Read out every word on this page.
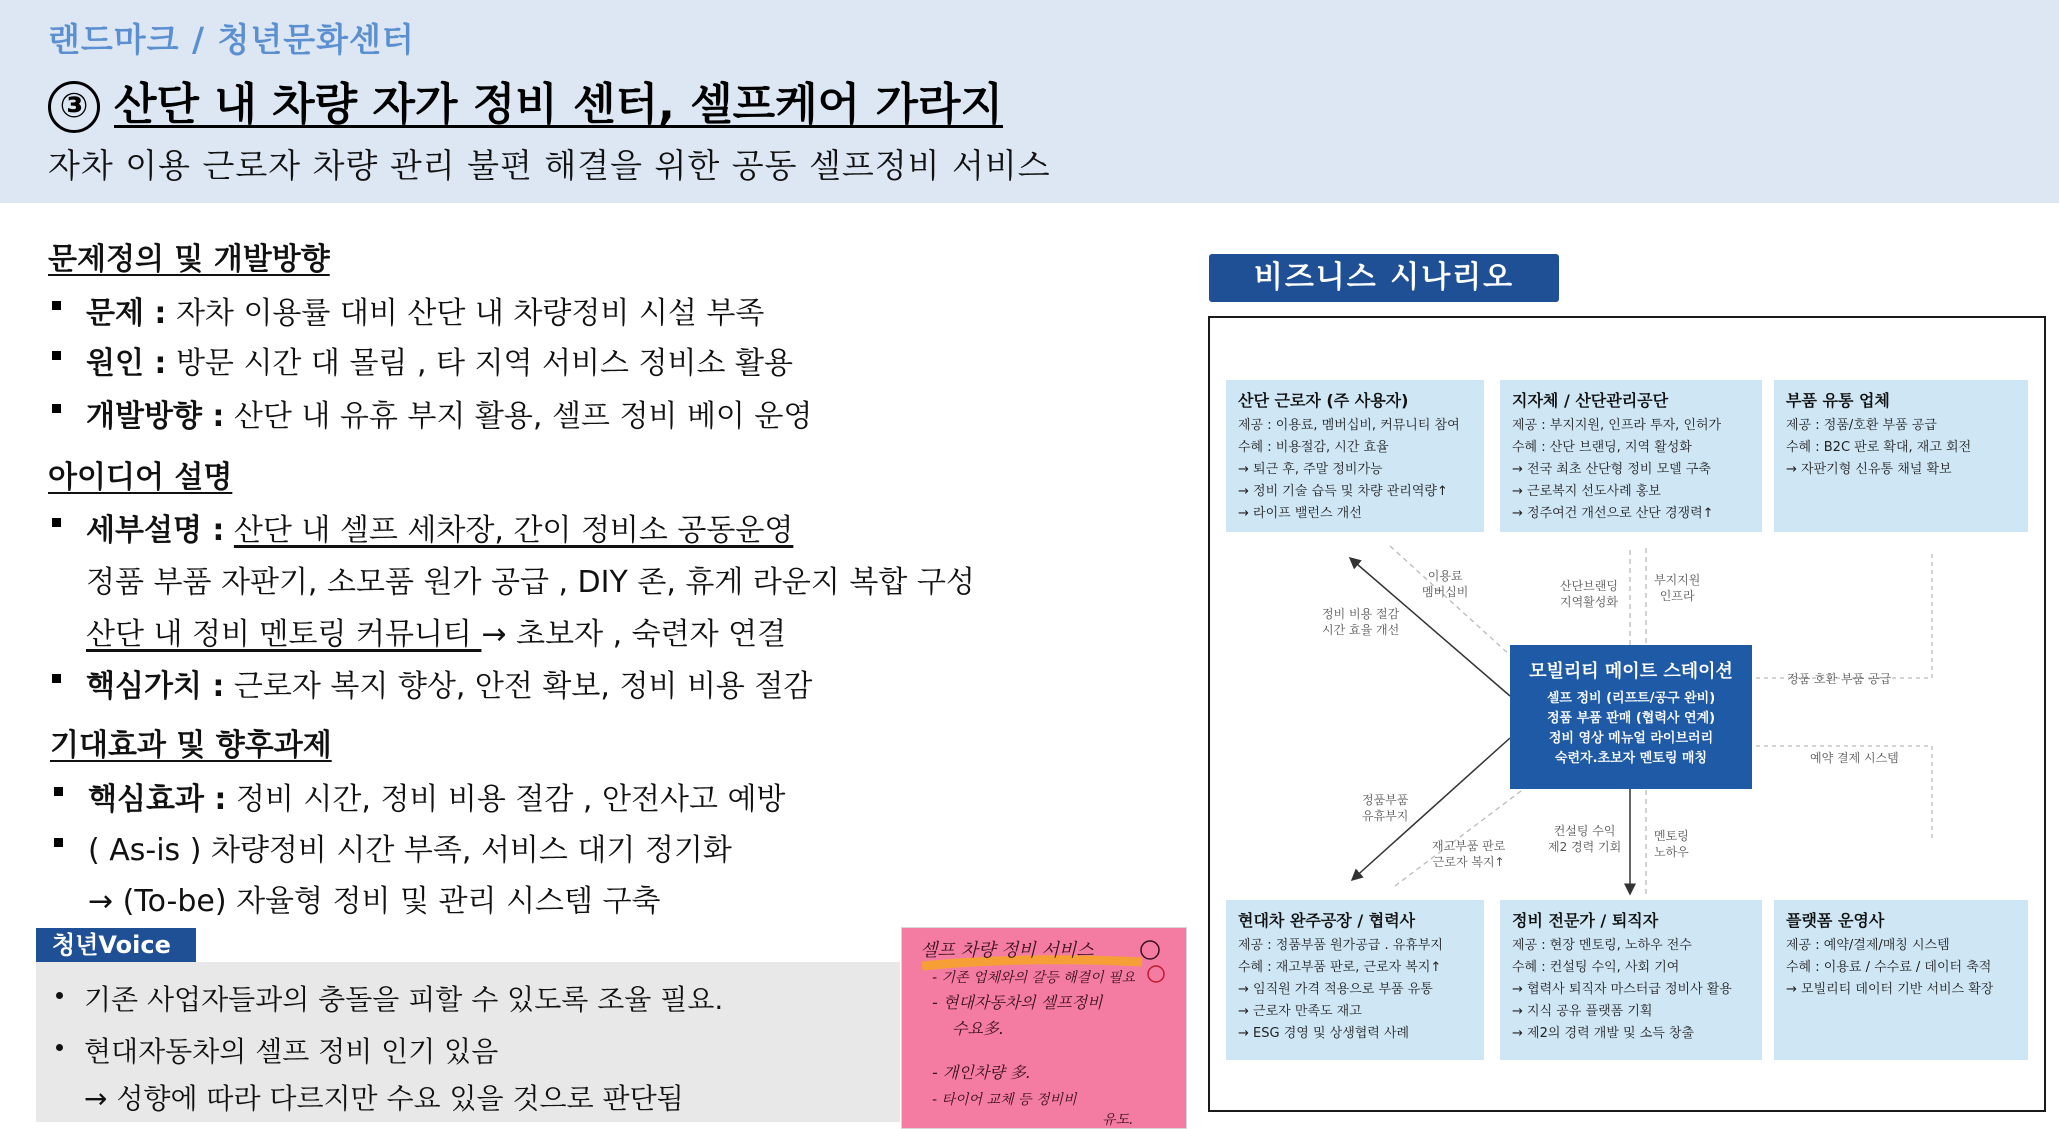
랜드마크 / 청년문화센터
③ 산단 내 차량 자가 정비 센터, 셀프케어 가라지
자차 이용 근로자 차량 관리 불편 해결을 위한 공동 셀프정비 서비스
문제정의 및 개발방향
문제 : 자차 이용률 대비 산단 내 차량정비 시설 부족
원인 : 방문 시간 대 몰림 , 타 지역 서비스 정비소 활용
개발방향 : 산단 내 유휴 부지 활용, 셀프 정비 베이 운영
아이디어 설명
세부설명 : 산단 내 셀프 세차장, 간이 정비소 공동운영
정품 부품 자판기, 소모품 원가 공급 , DIY 존, 휴게 라운지 복합 구성
산단 내 정비 멘토링 커뮤니티 → 초보자 , 숙련자 연결
핵심가치 : 근로자 복지 향상, 안전 확보, 정비 비용 절감
기대효과 및 향후과제
핵심효과 : 정비 시간, 정비 비용 절감 , 안전사고 예방
( As-is ) 차량정비 시간 부족, 서비스 대기 정기화
→ (To-be) 자율형 정비 및 관리 시스템 구축
청년Voice
기존 사업자들과의 충돌을 피할 수 있도록 조율 필요.
현대자동차의 셀프 정비 인기 있음
→ 성향에 따라 다르지만 수요 있을 것으로 판단됨
셀프 차량 정비 서비스
- 기존 업체와의 갈등 해결이 필요
- 현대자동차의 셀프정비
수요多.
- 개인차량 多.
- 타이어 교체 등 정비비
유도.
비즈니스 시나리오
산단 근로자 (주 사용자)
제공 : 이용료, 멤버십비, 커뮤니티 참여
수혜 : 비용절감, 시간 효율
→ 퇴근 후, 주말 정비가능
→ 정비 기술 습득 및 차량 관리역량↑
→ 라이프 밸런스 개선
지자체 / 산단관리공단
제공 : 부지지원, 인프라 투자, 인허가
수혜 : 산단 브랜딩, 지역 활성화
→ 전국 최초 산단형 정비 모델 구축
→ 근로복지 선도사례 홍보
→ 정주여건 개선으로 산단 경쟁력↑
부품 유통 업체
제공 : 정품/호환 부품 공급
수혜 : B2C 판로 확대, 재고 회전
→ 자판기형 신유통 채널 확보
현대차 완주공장 / 협력사
제공 : 정품부품 원가공급 . 유휴부지
수혜 : 재고부품 판로, 근로자 복지↑
→ 임직원 가격 적용으로 부품 유통
→ 근로자 만족도 재고
→ ESG 경영 및 상생협력 사례
정비 전문가 / 퇴직자
제공 : 현장 멘토링, 노하우 전수
수혜 : 컨설팅 수익, 사회 기여
→ 협력사 퇴직자 마스터급 정비사 활용
→ 지식 공유 플랫폼 기획
→ 제2의 경력 개발 및 소득 창출
플랫폼 운영사
제공 : 예약/결제/매칭 시스템
수혜 : 이용료 / 수수료 / 데이터 축적
→ 모빌리티 데이터 기반 서비스 확장
모빌리티 메이트 스테이션
셀프 정비 (리프트/공구 완비)
정품 부품 판매 (협력사 연계)
정비 영상 메뉴얼 라이브러리
숙련자.초보자 멘토링 매칭
이용료
멤버십비
정비 비용 절감
시간 효율 개선
산단브랜딩
지역활성화
부지지원
인프라
정품 호환 부품 공급
예약 결제 시스템
정품부품
유휴부지
재고부품 판로
근로자 복지↑
컨설팅 수익
제2 경력 기회
멘토링
노하우
